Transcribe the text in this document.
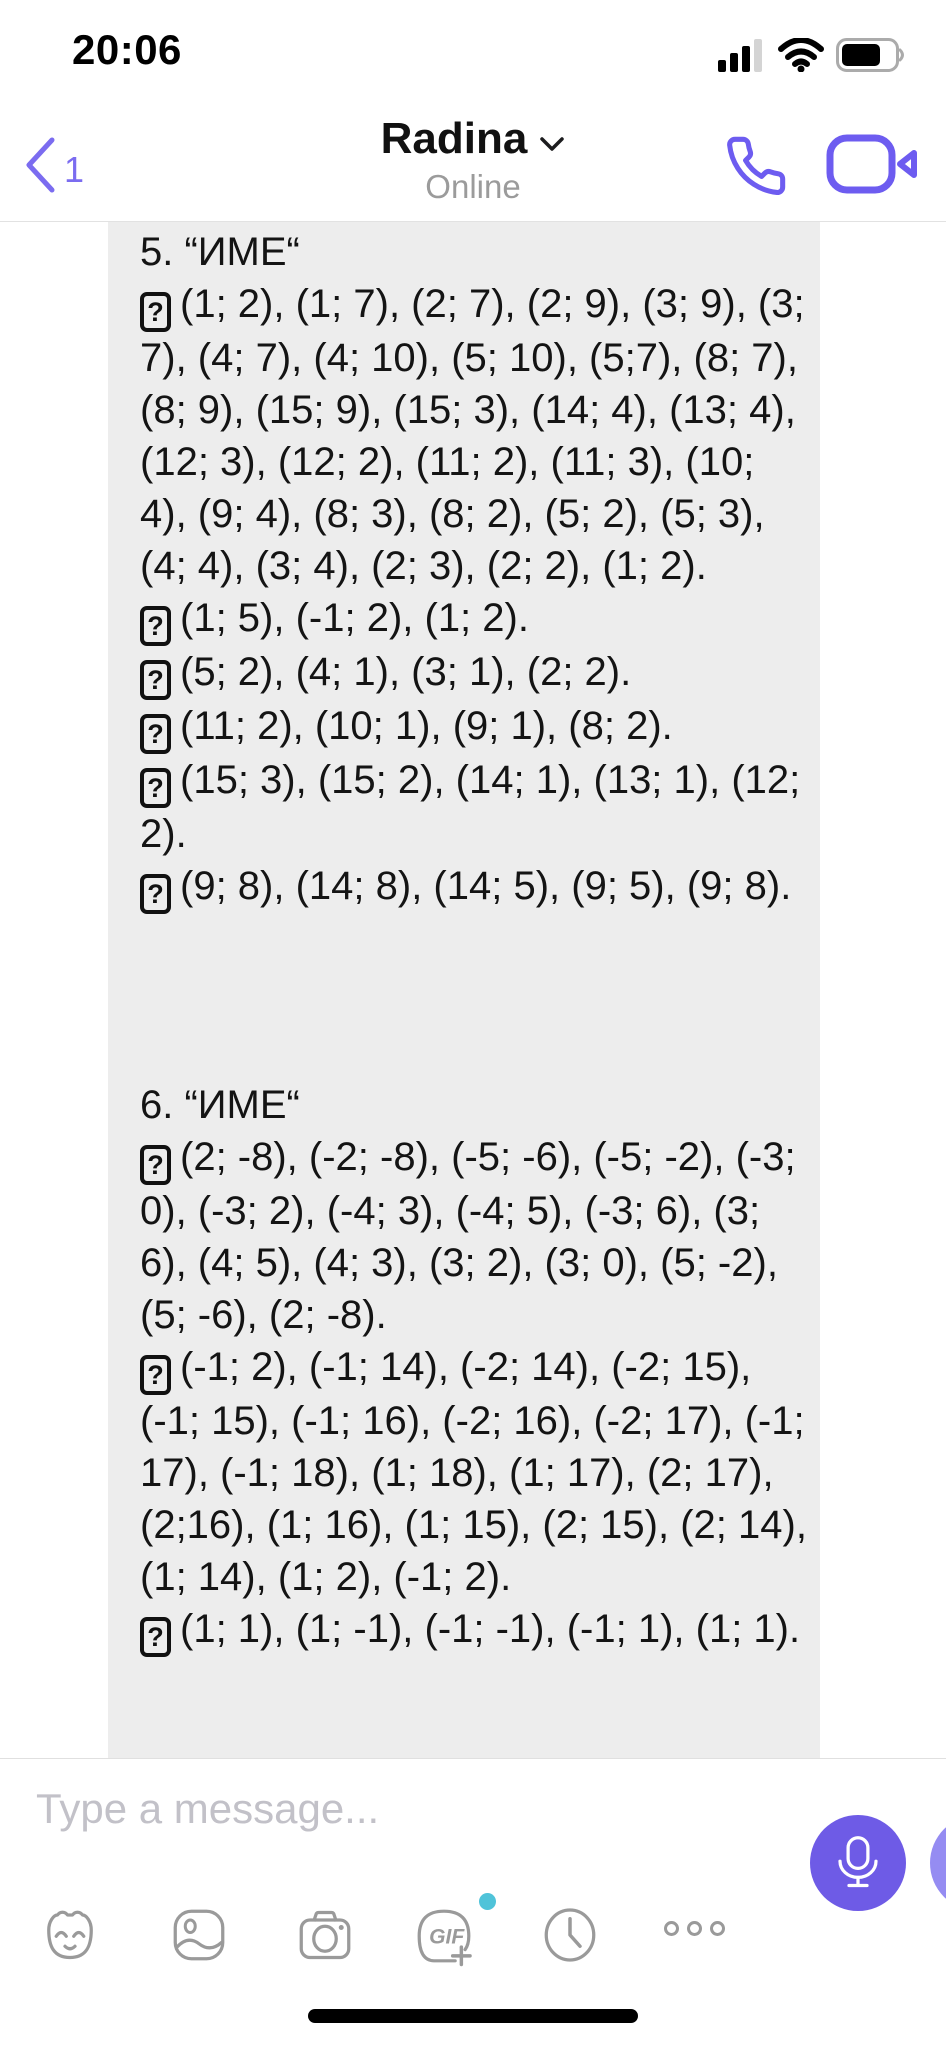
20:06
1
Radina
Online
5. “ИМЕ“
? (1; 2), (1; 7), (2; 7), (2; 9), (3; 9), (3; 7), (4; 7), (4; 10), (5; 10), (5;7), (8; 7), (8; 9), (15; 9), (15; 3), (14; 4), (13; 4), (12; 3), (12; 2), (11; 2), (11; 3), (10; 4), (9; 4), (8; 3), (8; 2), (5; 2), (5; 3), (4; 4), (3; 4), (2; 3), (2; 2), (1; 2).
? (1; 5), (-1; 2), (1; 2).
? (5; 2), (4; 1), (3; 1), (2; 2).
? (11; 2), (10; 1), (9; 1), (8; 2).
? (15; 3), (15; 2), (14; 1), (13; 1), (12; 2).
? (9; 8), (14; 8), (14; 5), (9; 5), (9; 8).
6. “ИМЕ“
? (2; -8), (-2; -8), (-5; -6), (-5; -2), (-3; 0), (-3; 2), (-4; 3), (-4; 5), (-3; 6), (3; 6), (4; 5), (4; 3), (3; 2), (3; 0), (5; -2), (5; -6), (2; -8).
? (-1; 2), (-1; 14), (-2; 14), (-2; 15), (-1; 15), (-1; 16), (-2; 16), (-2; 17), (-1; 17), (-1; 18), (1; 18), (1; 17), (2; 17), (2;16), (1; 16), (1; 15), (2; 15), (2; 14), (1; 14), (1; 2), (-1; 2).
? (1; 1), (1; -1), (-1; -1), (-1; 1), (1; 1).
Type a message...
GIF
